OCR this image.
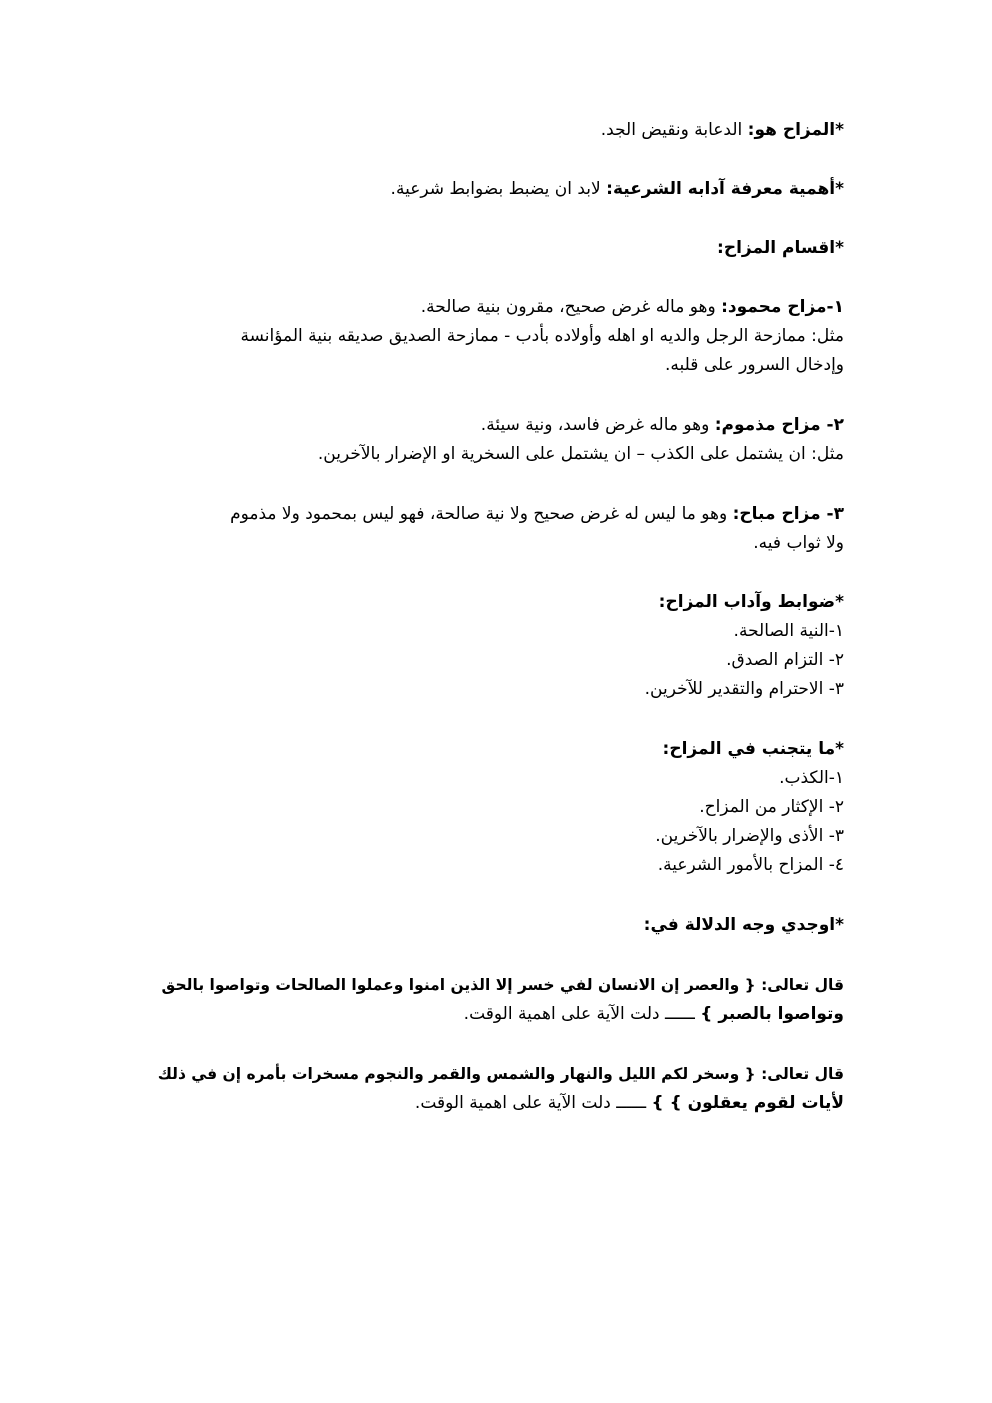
*المزاح هو: الدعابة ونقيض الجد.

*أهمية معرفة آدابه الشرعية: لابد ان يضبط بضوابط شرعية.

*اقسام المزاح:

١-مزاح محمود: وهو ماله غرض صحيح، مقرون بنية صالحة.
مثل: ممازحة الرجل والديه او اهله وأولاده بأدب - ممازحة الصديق صديقه بنية المؤانسة
وإدخال السرور على قلبه.

٢- مزاح مذموم: وهو ماله غرض فاسد، ونية سيئة.
مثل: ان يشتمل على الكذب – ان يشتمل على السخرية او الإضرار بالآخرين.

٣- مزاح مباح: وهو ما ليس له غرض صحيح ولا نية صالحة، فهو ليس بمحمود ولا مذموم
ولا ثواب فيه.

*ضوابط وآداب المزاح:

١-النية الصالحة.
٢- التزام الصدق.
٣- الاحترام والتقدير للآخرين.

*ما يتجنب في المزاح:

١-الكذب.
٢- الإكثار من المزاح.
٣- الأذى والإضرار بالآخرين.
٤- المزاح بالأمور الشرعية.

*اوجدي وجه الدلالة في:

قال تعالى: { والعصر إن الانسان لفي خسر إلا الذين امنوا وعملوا الصالحات وتواصوا بالحق
وتواصوا بالصبر } ــــــ دلت الآية على اهمية الوقت.

قال تعالى: { وسخر لكم الليل والنهار والشمس والقمر والنجوم مسخرات بأمره إن في ذلك
لأيات لقوم يعقلون } } ــــــ دلت الآية على اهمية الوقت.
